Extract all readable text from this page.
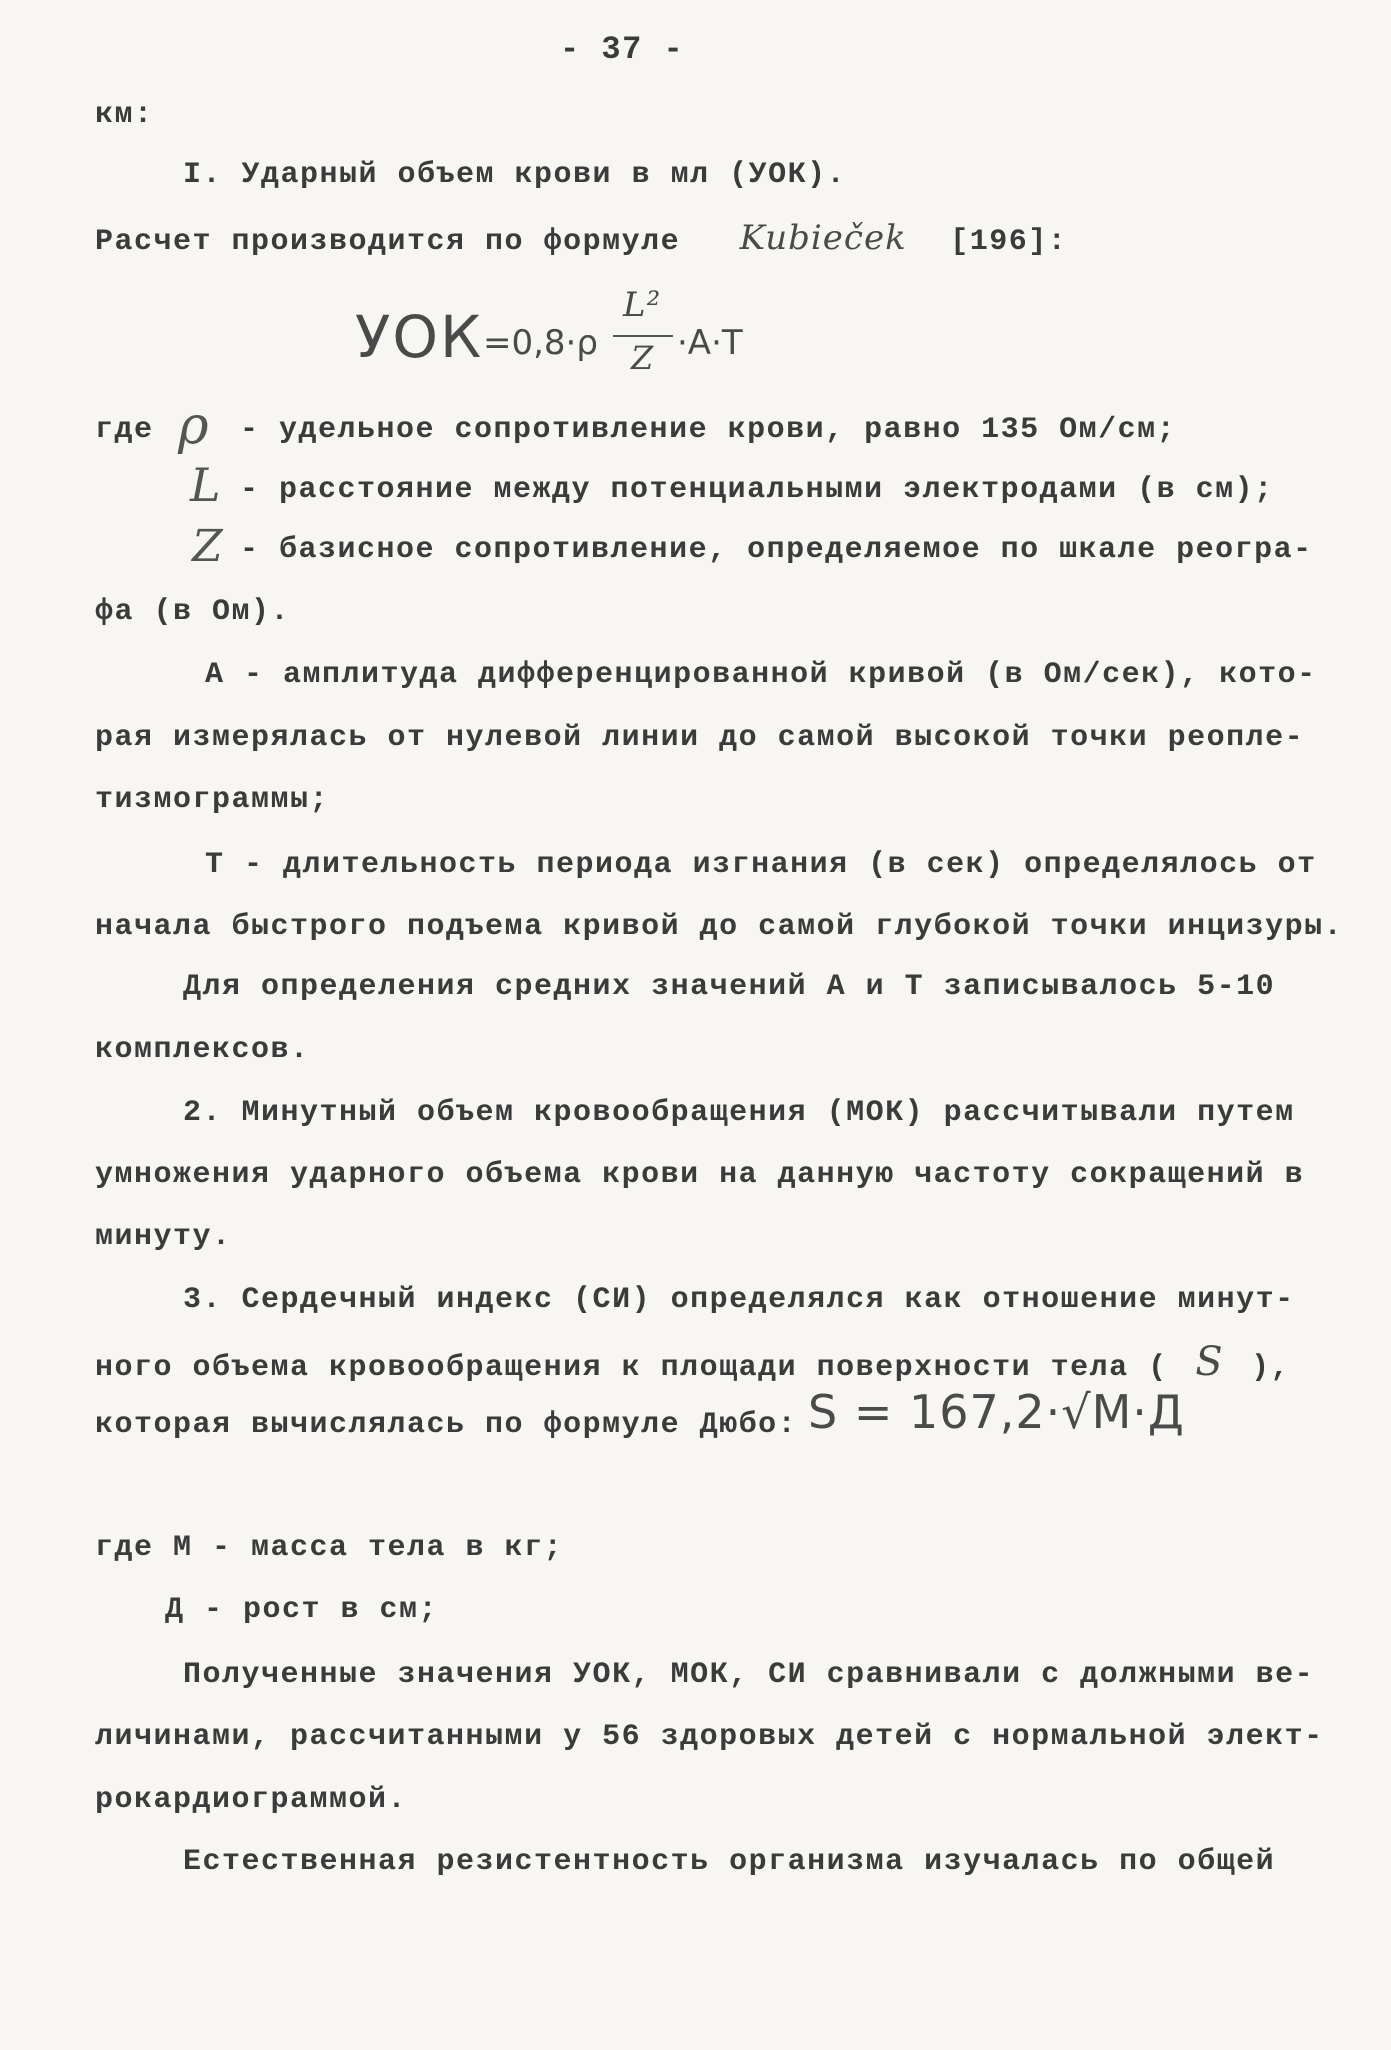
- 37 -
км:
I. Ударный объем крови в мл (УОК).
Расчет производится по формуле Kubieček [196]:
УОК =0,8·ρ
L²
Z ·A·T
где ρ - удельное сопротивление крови, равно 135 Ом/см;
L - расстояние между потенциальными электродами (в см);
Z - базисное сопротивление, определяемое по шкале реогра-
фа (в Ом).
А - амплитуда дифференцированной кривой (в Ом/сек), кото-
рая измерялась от нулевой линии до самой высокой точки реопле-
тизмограммы;
Т - длительность периода изгнания (в сек) определялось от
начала быстрого подъема кривой до самой глубокой точки инцизуры.
Для определения средних значений А и Т записывалось 5-10
комплексов.
2. Минутный объем кровообращения (МОК) рассчитывали путем
умножения ударного объема крови на данную частоту сокращений в
минуту.
3. Сердечный индекс (СИ) определялся как отношение минут-
ного объема кровообращения к площади поверхности тела ( S ),
которая вычислялась по формуле Дюбо: S = 167,2·√М·Д
где М - масса тела в кг;
Д - рост в см;
Полученные значения УОК, МОК, СИ сравнивали с должными ве-
личинами, рассчитанными у 56 здоровых детей с нормальной элект-
рокардиограммой.
Естественная резистентность организма изучалась по общей
